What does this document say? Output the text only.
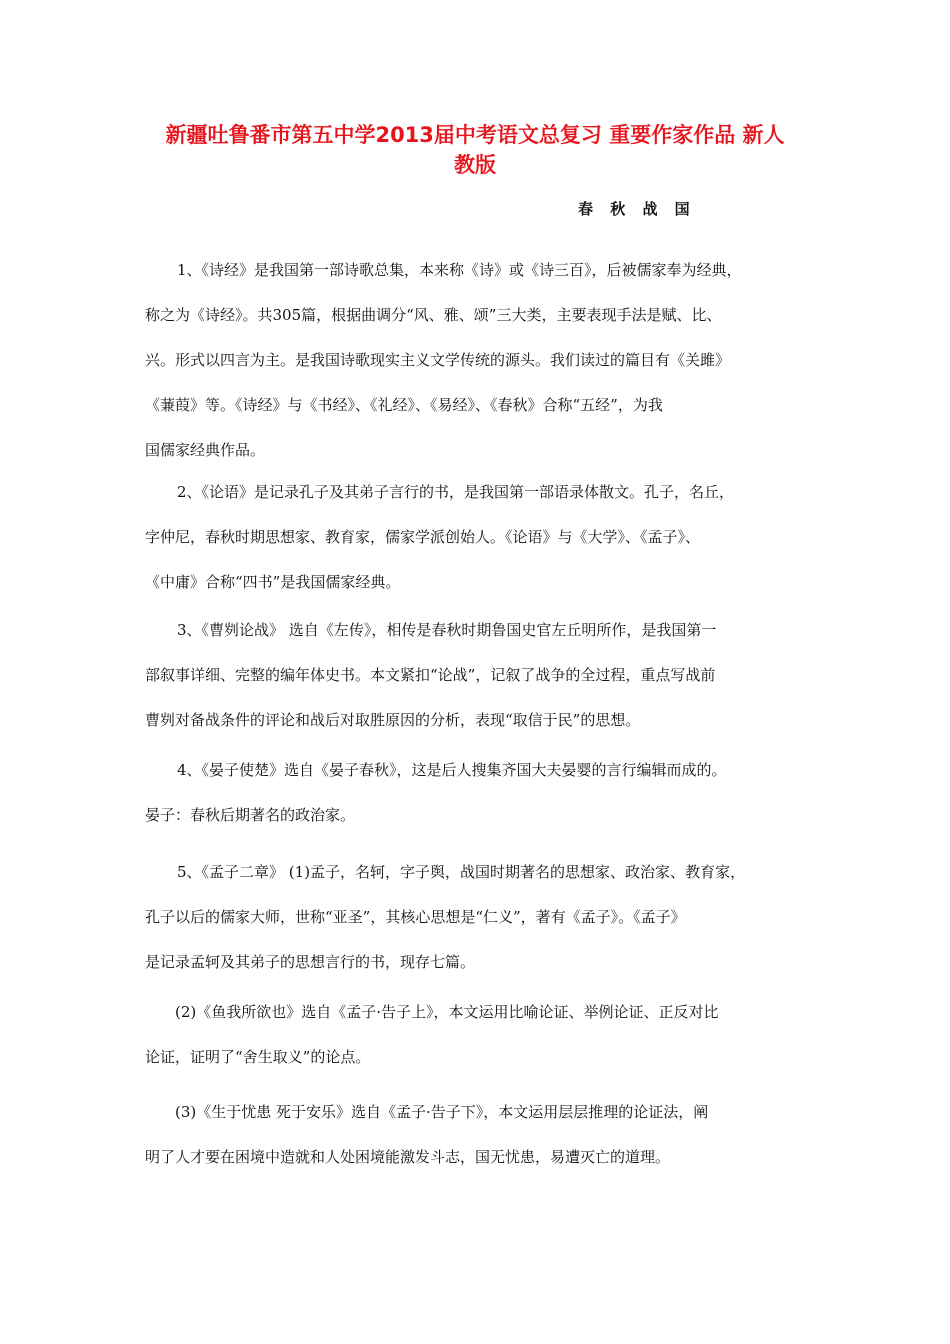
新疆吐鲁番市第五中学2013届中考语文总复习 重要作家作品 新人
教版
春 秋 战 国
1、《诗经》是我国第一部诗歌总集，本来称《诗》或《诗三百》，后被儒家奉为经典，
称之为《诗经》。共305篇，根据曲调分“风、雅、颂”三大类，主要表现手法是赋、比、
兴。形式以四言为主。是我国诗歌现实主义文学传统的源头。我们读过的篇目有《关雎》
《蒹葭》等。《诗经》与《书经》、《礼经》、《易经》、《春秋》合称“五经”，为我
国儒家经典作品。
2、《论语》是记录孔子及其弟子言行的书，是我国第一部语录体散文。孔子，名丘，
字仲尼，春秋时期思想家、教育家，儒家学派创始人。《论语》与《大学》、《孟子》、
《中庸》合称“四书”是我国儒家经典。
3、《曹刿论战》 选自《左传》，相传是春秋时期鲁国史官左丘明所作，是我国第一
部叙事详细、完整的编年体史书。本文紧扣“论战”，记叙了战争的全过程，重点写战前
曹刿对备战条件的评论和战后对取胜原因的分析，表现“取信于民”的思想。
4、《晏子使楚》选自《晏子春秋》，这是后人搜集齐国大夫晏婴的言行编辑而成的。
晏子：春秋后期著名的政治家。
5、《孟子二章》 (1)孟子，名轲，字子舆，战国时期著名的思想家、政治家、教育家，
孔子以后的儒家大师，世称“亚圣”，其核心思想是“仁义”，著有《孟子》。《孟子》
是记录孟轲及其弟子的思想言行的书，现存七篇。
(2)《鱼我所欲也》选自《孟子·告子上》，本文运用比喻论证、举例论证、正反对比
论证，证明了“舍生取义”的论点。
(3)《生于忧患 死于安乐》选自《孟子·告子下》，本文运用层层推理的论证法，阐
明了人才要在困境中造就和人处困境能激发斗志，国无忧患，易遭灭亡的道理。
